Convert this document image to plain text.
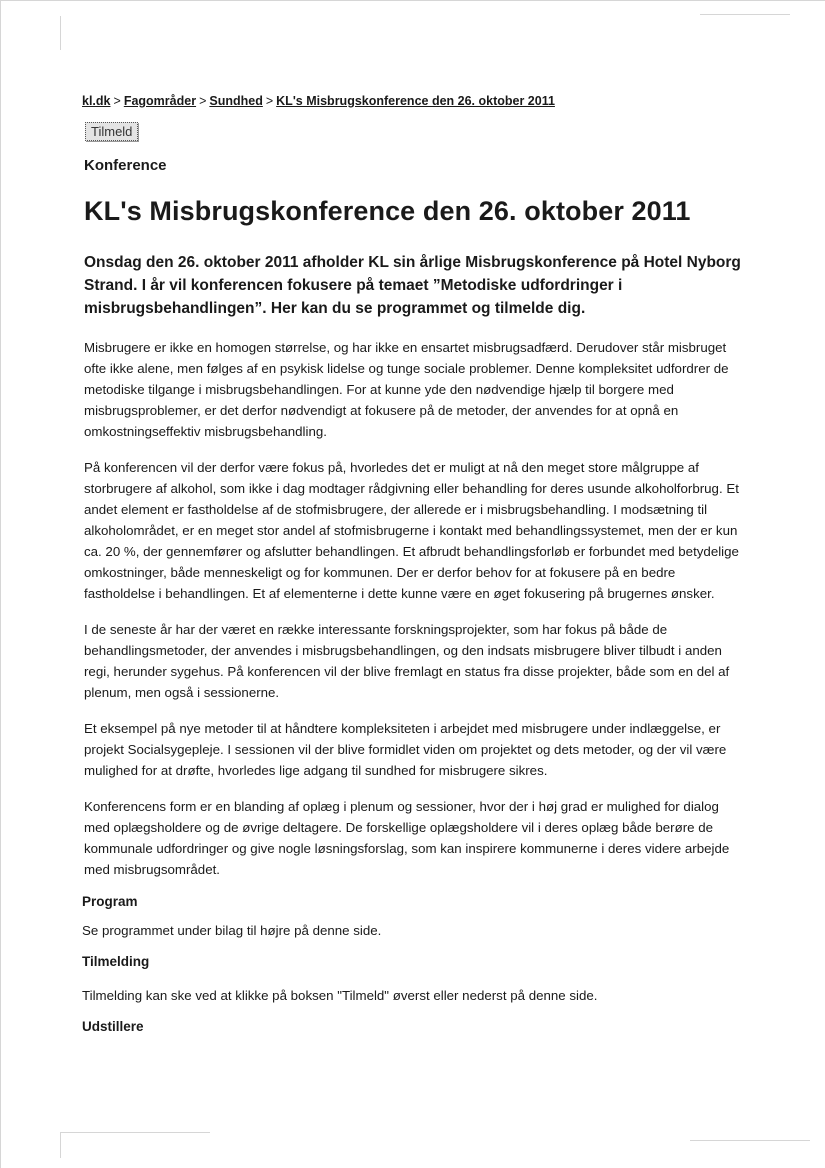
kl.dk > Fagområder > Sundhed > KL's Misbrugskonference den 26. oktober 2011
Tilmeld
Konference
KL's Misbrugskonference den 26. oktober 2011
Onsdag den 26. oktober 2011 afholder KL sin årlige Misbrugskonference på Hotel Nyborg Strand. I år vil konferencen fokusere på temaet ”Metodiske udfordringer i misbrugsbehandlingen”. Her kan du se programmet og tilmelde dig.

Misbrugere er ikke en homogen størrelse, og har ikke en ensartet misbrugsadfærd. Derudover står misbruget ofte ikke alene, men følges af en psykisk lidelse og tunge sociale problemer. Denne kompleksitet udfordrer de metodiske tilgange i misbrugsbehandlingen. For at kunne yde den nødvendige hjælp til borgere med misbrugsproblemer, er det derfor nødvendigt at fokusere på de metoder, der anvendes for at opnå en omkostningseffektiv misbrugsbehandling.

På konferencen vil der derfor være fokus på, hvorledes det er muligt at nå den meget store målgruppe af storbrugere af alkohol, som ikke i dag modtager rådgivning eller behandling for deres usunde alkoholforbrug. Et andet element er fastholdelse af de stofmisbrugere, der allerede er i misbrugsbehandling. I modsætning til alkoholområdet, er en meget stor andel af stofmisbrugerne i kontakt med behandlingssystemet, men der er kun ca. 20 %, der gennemfører og afslutter behandlingen. Et afbrudt behandlingsforløb er forbundet med betydelige omkostninger, både menneskeligt og for kommunen. Der er derfor behov for at fokusere på en bedre fastholdelse i behandlingen. Et af elementerne i dette kunne være en øget fokusering på brugernes ønsker.

I de seneste år har der været en række interessante forskningsprojekter, som har fokus på både de behandlingsmetoder, der anvendes i misbrugsbehandlingen, og den indsats misbrugere bliver tilbudt i anden regi, herunder sygehus. På konferencen vil der blive fremlagt en status fra disse projekter, både som en del af plenum, men også i sessionerne.

Et eksempel på nye metoder til at håndtere kompleksiteten i arbejdet med misbrugere under indlæggelse, er projekt Socialsygepleje. I sessionen vil der blive formidlet viden om projektet og dets metoder, og der vil være mulighed for at drøfte, hvorledes lige adgang til sundhed for misbrugere sikres.

Konferencens form er en blanding af oplæg i plenum og sessioner, hvor der i høj grad er mulighed for dialog med oplægsholdere og de øvrige deltagere. De forskellige oplægsholdere vil i deres oplæg både berøre de kommunale udfordringer og give nogle løsningsforslag, som kan inspirere kommunerne i deres videre arbejde med misbrugsområdet.

Program
Se programmet under bilag til højre på denne side.
Tilmelding
Tilmelding kan ske ved at klikke på boksen "Tilmeld" øverst eller nederst på denne side.
Udstillere
